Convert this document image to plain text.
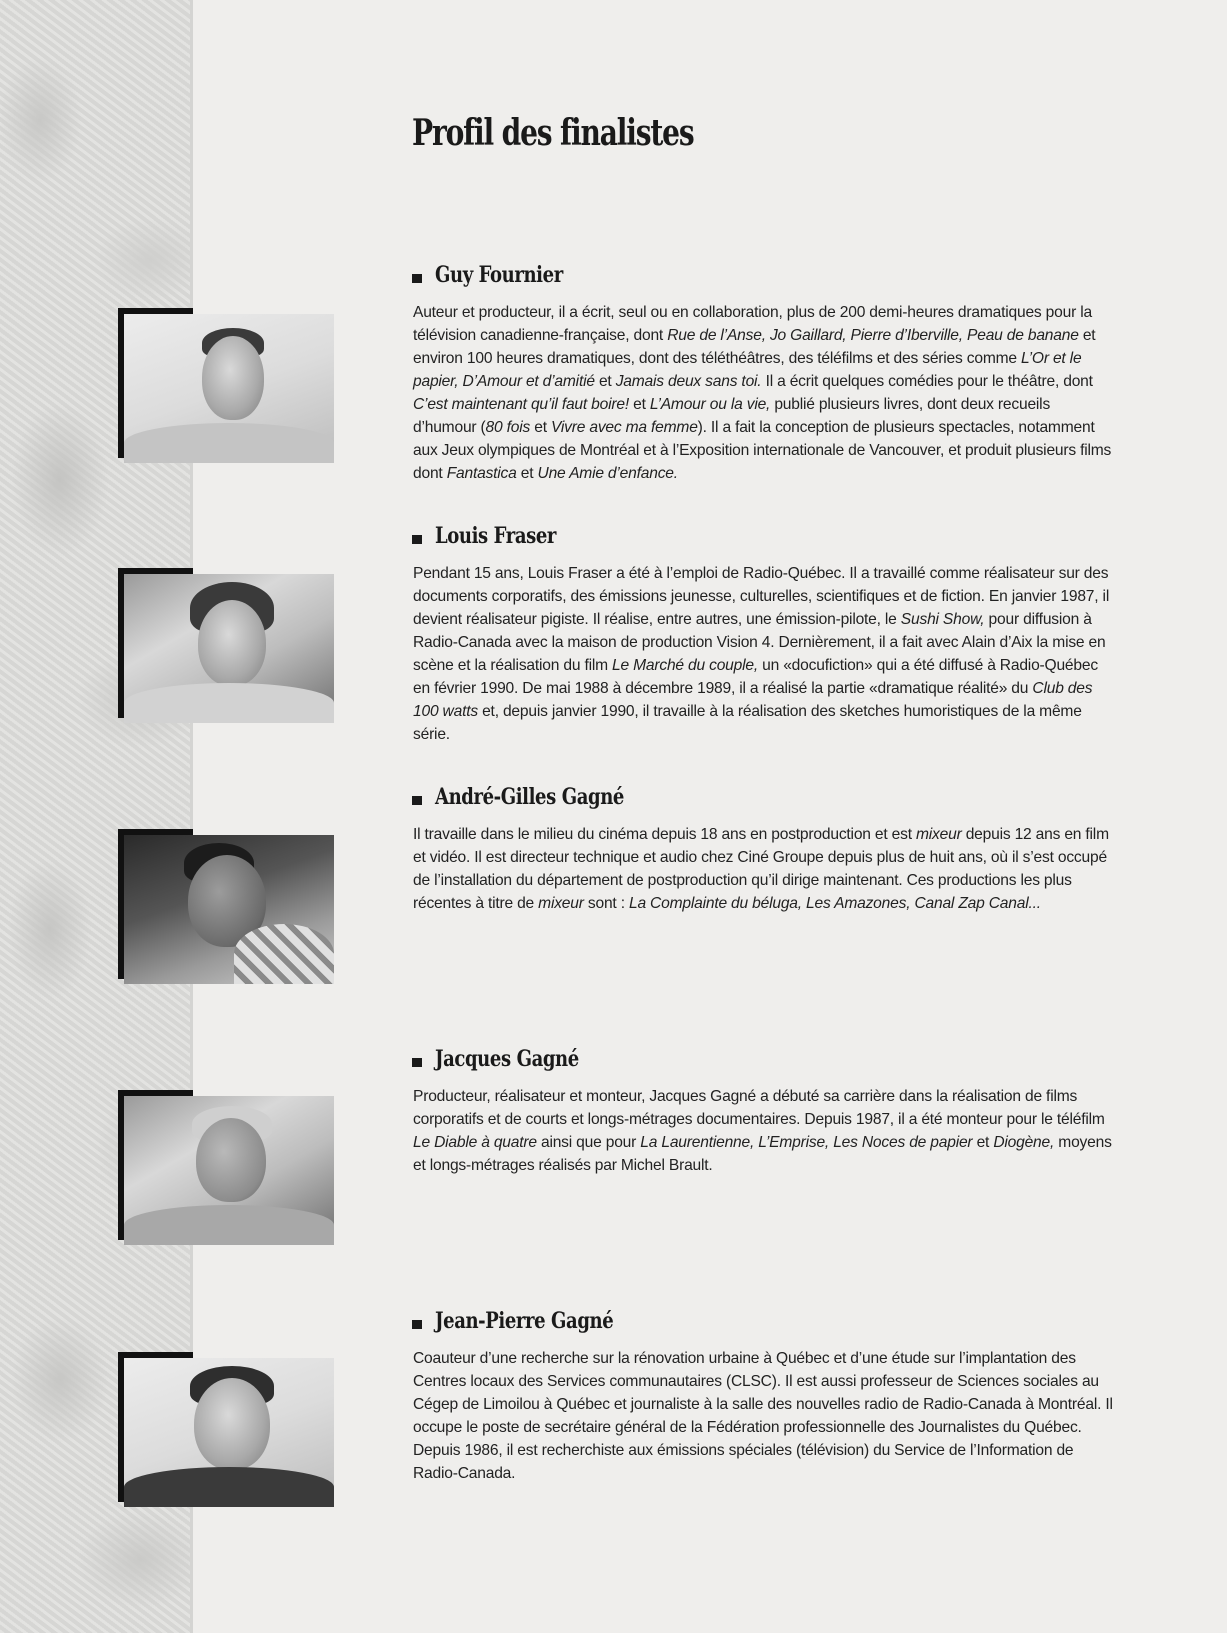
Profil des finalistes
Guy Fournier

Auteur et producteur, il a écrit, seul ou en collaboration, plus de 200 demi-heures dramatiques pour la télévision canadienne-française, dont Rue de l’Anse, Jo Gaillard, Pierre d’Iberville, Peau de banane et environ 100 heures dramatiques, dont des téléthéâtres, des téléfilms et des séries comme L’Or et le papier, D’Amour et d’amitié et Jamais deux sans toi. Il a écrit quelques comédies pour le théâtre, dont C’est maintenant qu’il faut boire! et L’Amour ou la vie, publié plusieurs livres, dont deux recueils d’humour (80 fois et Vivre avec ma femme). Il a fait la conception de plusieurs spectacles, notamment aux Jeux olympiques de Montréal et à l’Exposition internationale de Vancouver, et produit plusieurs films dont Fantastica et Une Amie d’enfance.

Louis Fraser

Pendant 15 ans, Louis Fraser a été à l’emploi de Radio-Québec. Il a travaillé comme réalisateur sur des documents corporatifs, des émissions jeunesse, culturelles, scientifiques et de fiction. En janvier 1987, il devient réalisateur pigiste. Il réalise, entre autres, une émission-pilote, le Sushi Show, pour diffusion à Radio-Canada avec la maison de production Vision 4. Dernièrement, il a fait avec Alain d’Aix la mise en scène et la réalisation du film Le Marché du couple, un «docufiction» qui a été diffusé à Radio-Québec en février 1990. De mai 1988 à décembre 1989, il a réalisé la partie «dramatique réalité» du Club des 100 watts et, depuis janvier 1990, il travaille à la réalisation des sketches humoristiques de la même série.

André-Gilles Gagné

Il travaille dans le milieu du cinéma depuis 18 ans en postproduction et est mixeur depuis 12 ans en film et vidéo. Il est directeur technique et audio chez Ciné Groupe depuis plus de huit ans, où il s’est occupé de l’installation du département de postproduction qu’il dirige maintenant. Ces productions les plus récentes à titre de mixeur sont : La Complainte du béluga, Les Amazones, Canal Zap Canal...

Jacques Gagné

Producteur, réalisateur et monteur, Jacques Gagné a débuté sa carrière dans la réalisation de films corporatifs et de courts et longs-métrages documentaires. Depuis 1987, il a été monteur pour le téléfilm Le Diable à quatre ainsi que pour La Laurentienne, L’Emprise, Les Noces de papier et Diogène, moyens et longs-métrages réalisés par Michel Brault.

Jean-Pierre Gagné

Coauteur d’une recherche sur la rénovation urbaine à Québec et d’une étude sur l’implantation des Centres locaux des Services communautaires (CLSC). Il est aussi professeur de Sciences sociales au Cégep de Limoilou à Québec et journaliste à la salle des nouvelles radio de Radio-Canada à Montréal. Il occupe le poste de secrétaire général de la Fédération professionnelle des Journalistes du Québec. Depuis 1986, il est recherchiste aux émissions spéciales (télévision) du Service de l’Information de Radio-Canada.
